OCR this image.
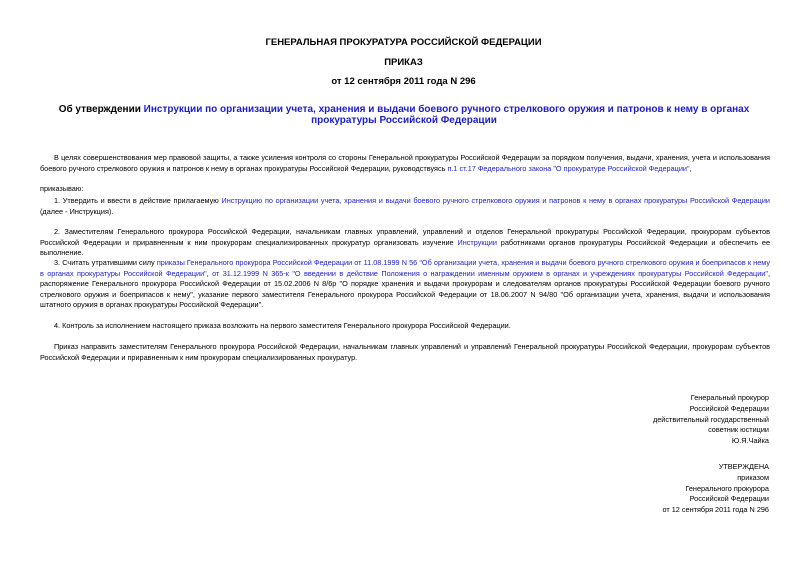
ГЕНЕРАЛЬНАЯ ПРОКУРАТУРА РОССИЙСКОЙ ФЕДЕРАЦИИ
ПРИКАЗ
от 12 сентября 2011 года N 296
Об утверждении Инструкции по организации учета, хранения и выдачи боевого ручного стрелкового оружия и патронов к нему в органах прокуратуры Российской Федерации
В целях совершенствования мер правовой защиты, а также усиления контроля со стороны Генеральной прокуратуры Российской Федерации за порядком получения, выдачи, хранения, учета и использования боевого ручного стрелкового оружия и патронов к нему в органах прокуратуры Российской Федерации, руководствуясь п.1 ст.17 Федерального закона "О прокуратуре Российской Федерации",
приказываю:
1. Утвердить и ввести в действие прилагаемую Инструкцию по организации учета, хранения и выдачи боевого ручного стрелкового оружия и патронов к нему в органах прокуратуры Российской Федерации (далее - Инструкция).
2. Заместителям Генерального прокурора Российской Федерации, начальникам главных управлений, управлений и отделов Генеральной прокуратуры Российской Федерации, прокурорам субъектов Российской Федерации и приравненным к ним прокурорам специализированных прокуратур организовать изучение Инструкции работниками органов прокуратуры Российской Федерации и обеспечить ее выполнение.
3. Считать утратившими силу приказы Генерального прокурора Российской Федерации от 11.08.1999 N 56 "Об организации учета, хранения и выдачи боевого ручного стрелкового оружия и боеприпасов к нему в органах прокуратуры Российской Федерации", от 31.12.1999 N 365-к "О введении в действие Положения о награждении именным оружием в органах и учреждениях прокуратуры Российской Федерации", распоряжение Генерального прокурора Российской Федерации от 15.02.2006 N 8/6р "О порядке хранения и выдачи прокурорам и следователям органов прокуратуры Российской Федерации боевого ручного стрелкового оружия и боеприпасов к нему", указание первого заместителя Генерального прокурора Российской Федерации от 18.06.2007 N 94/80 "Об организации учета, хранения, выдачи и использования штатного оружия в органах прокуратуры Российской Федерации".
4. Контроль за исполнением настоящего приказа возложить на первого заместителя Генерального прокурора Российской Федерации.
Приказ направить заместителям Генерального прокурора Российской Федерации, начальникам главных управлений и управлений Генеральной прокуратуры Российской Федерации, прокурорам субъектов Российской Федерации и приравненным к ним прокурорам специализированных прокуратур.
Генеральный прокурор
Российской Федерации
действительный государственный
советник юстиции
Ю.Я.Чайка
УТВЕРЖДЕНА
приказом
Генерального прокурора
Российской Федерации
от 12 сентября 2011 года N 296
